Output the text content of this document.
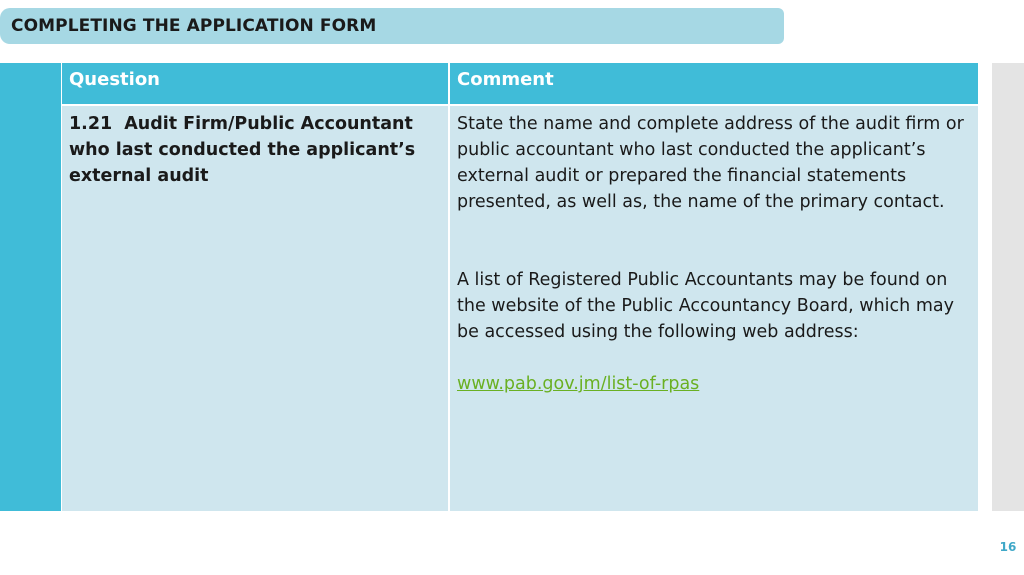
COMPLETING THE APPLICATION FORM
Question	Comment
1.21 Audit Firm/Public Accountant who last conducted the applicant’s external audit

State the name and complete address of the audit firm or public accountant who last conducted the applicant’s external audit or prepared the financial statements presented, as well as, the name of the primary contact.

A list of Registered Public Accountants may be found on the website of the Public Accountancy Board, which may be accessed using the following web address:

www.pab.gov.jm/list-of-rpas

16
